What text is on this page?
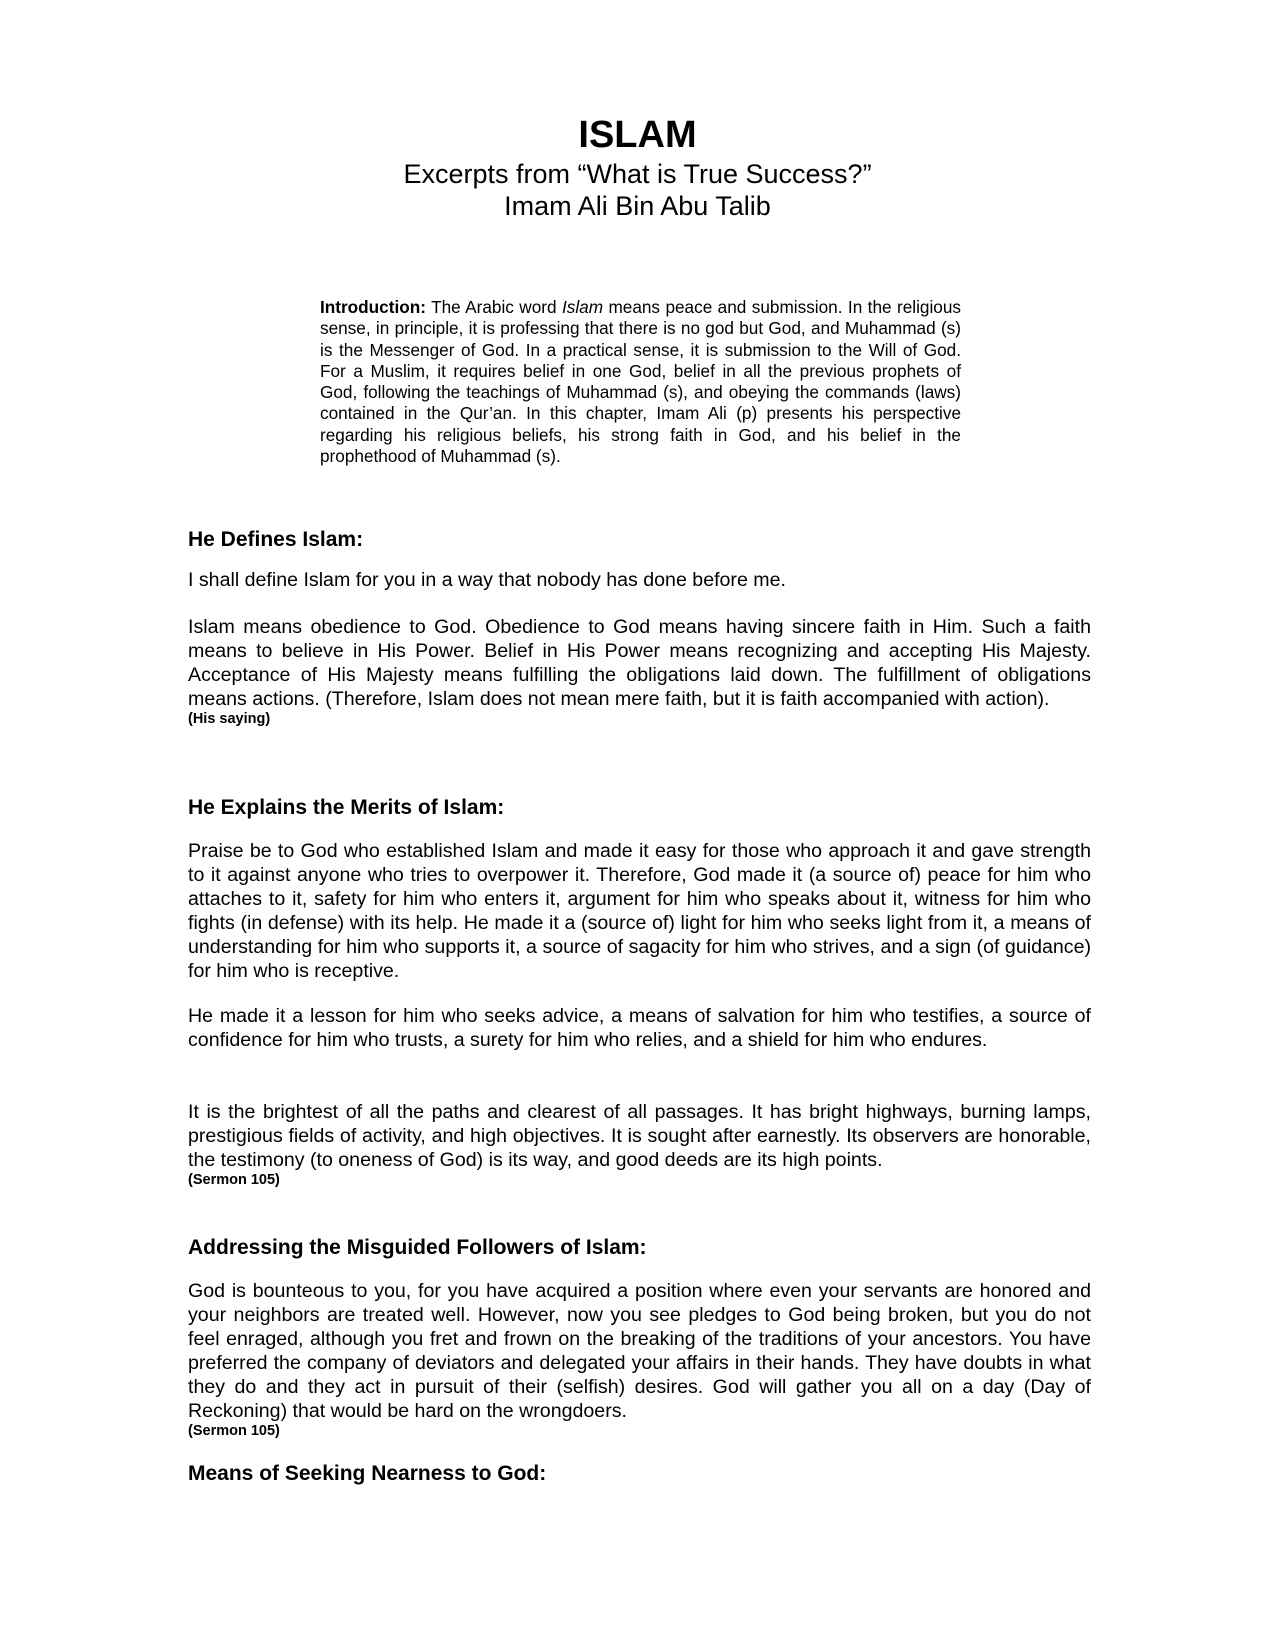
ISLAM

Excerpts from “What is True Success?”

Imam Ali Bin Abu Talib

Introduction: The Arabic word Islam means peace and submission. In the religious sense, in principle, it is professing that there is no god but God, and Muhammad (s) is the Messenger of God. In a practical sense, it is submission to the Will of God. For a Muslim, it requires belief in one God, belief in all the previous prophets of God, following the teachings of Muhammad (s), and obeying the commands (laws) contained in the Qur’an. In this chapter, Imam Ali (p) presents his perspective regarding his religious beliefs, his strong faith in God, and his belief in the prophethood of Muhammad (s).

He Defines Islam:

I shall define Islam for you in a way that nobody has done before me.

Islam means obedience to God. Obedience to God means having sincere faith in Him. Such a faith means to believe in His Power. Belief in His Power means recognizing and accepting His Majesty. Acceptance of His Majesty means fulfilling the obligations laid down. The fulfillment of obligations means actions. (Therefore, Islam does not mean mere faith, but it is faith accompanied with action).

(His saying)

He Explains the Merits of Islam:

Praise be to God who established Islam and made it easy for those who approach it and gave strength to it against anyone who tries to overpower it. Therefore, God made it (a source of) peace for him who attaches to it, safety for him who enters it, argument for him who speaks about it, witness for him who fights (in defense) with its help. He made it a (source of) light for him who seeks light from it, a means of understanding for him who supports it, a source of sagacity for him who strives, and a sign (of guidance) for him who is receptive.

He made it a lesson for him who seeks advice, a means of salvation for him who testifies, a source of confidence for him who trusts, a surety for him who relies, and a shield for him who endures.

It is the brightest of all the paths and clearest of all passages. It has bright highways, burning lamps, prestigious fields of activity, and high objectives. It is sought after earnestly. Its observers are honorable, the testimony (to oneness of God) is its way, and good deeds are its high points.

(Sermon 105)

Addressing the Misguided Followers of Islam:

God is bounteous to you, for you have acquired a position where even your servants are honored and your neighbors are treated well. However, now you see pledges to God being broken, but you do not feel enraged, although you fret and frown on the breaking of the traditions of your ancestors. You have preferred the company of deviators and delegated your affairs in their hands. They have doubts in what they do and they act in pursuit of their (selfish) desires. God will gather you all on a day (Day of Reckoning) that would be hard on the wrongdoers.

(Sermon 105)

Means of Seeking Nearness to God:
